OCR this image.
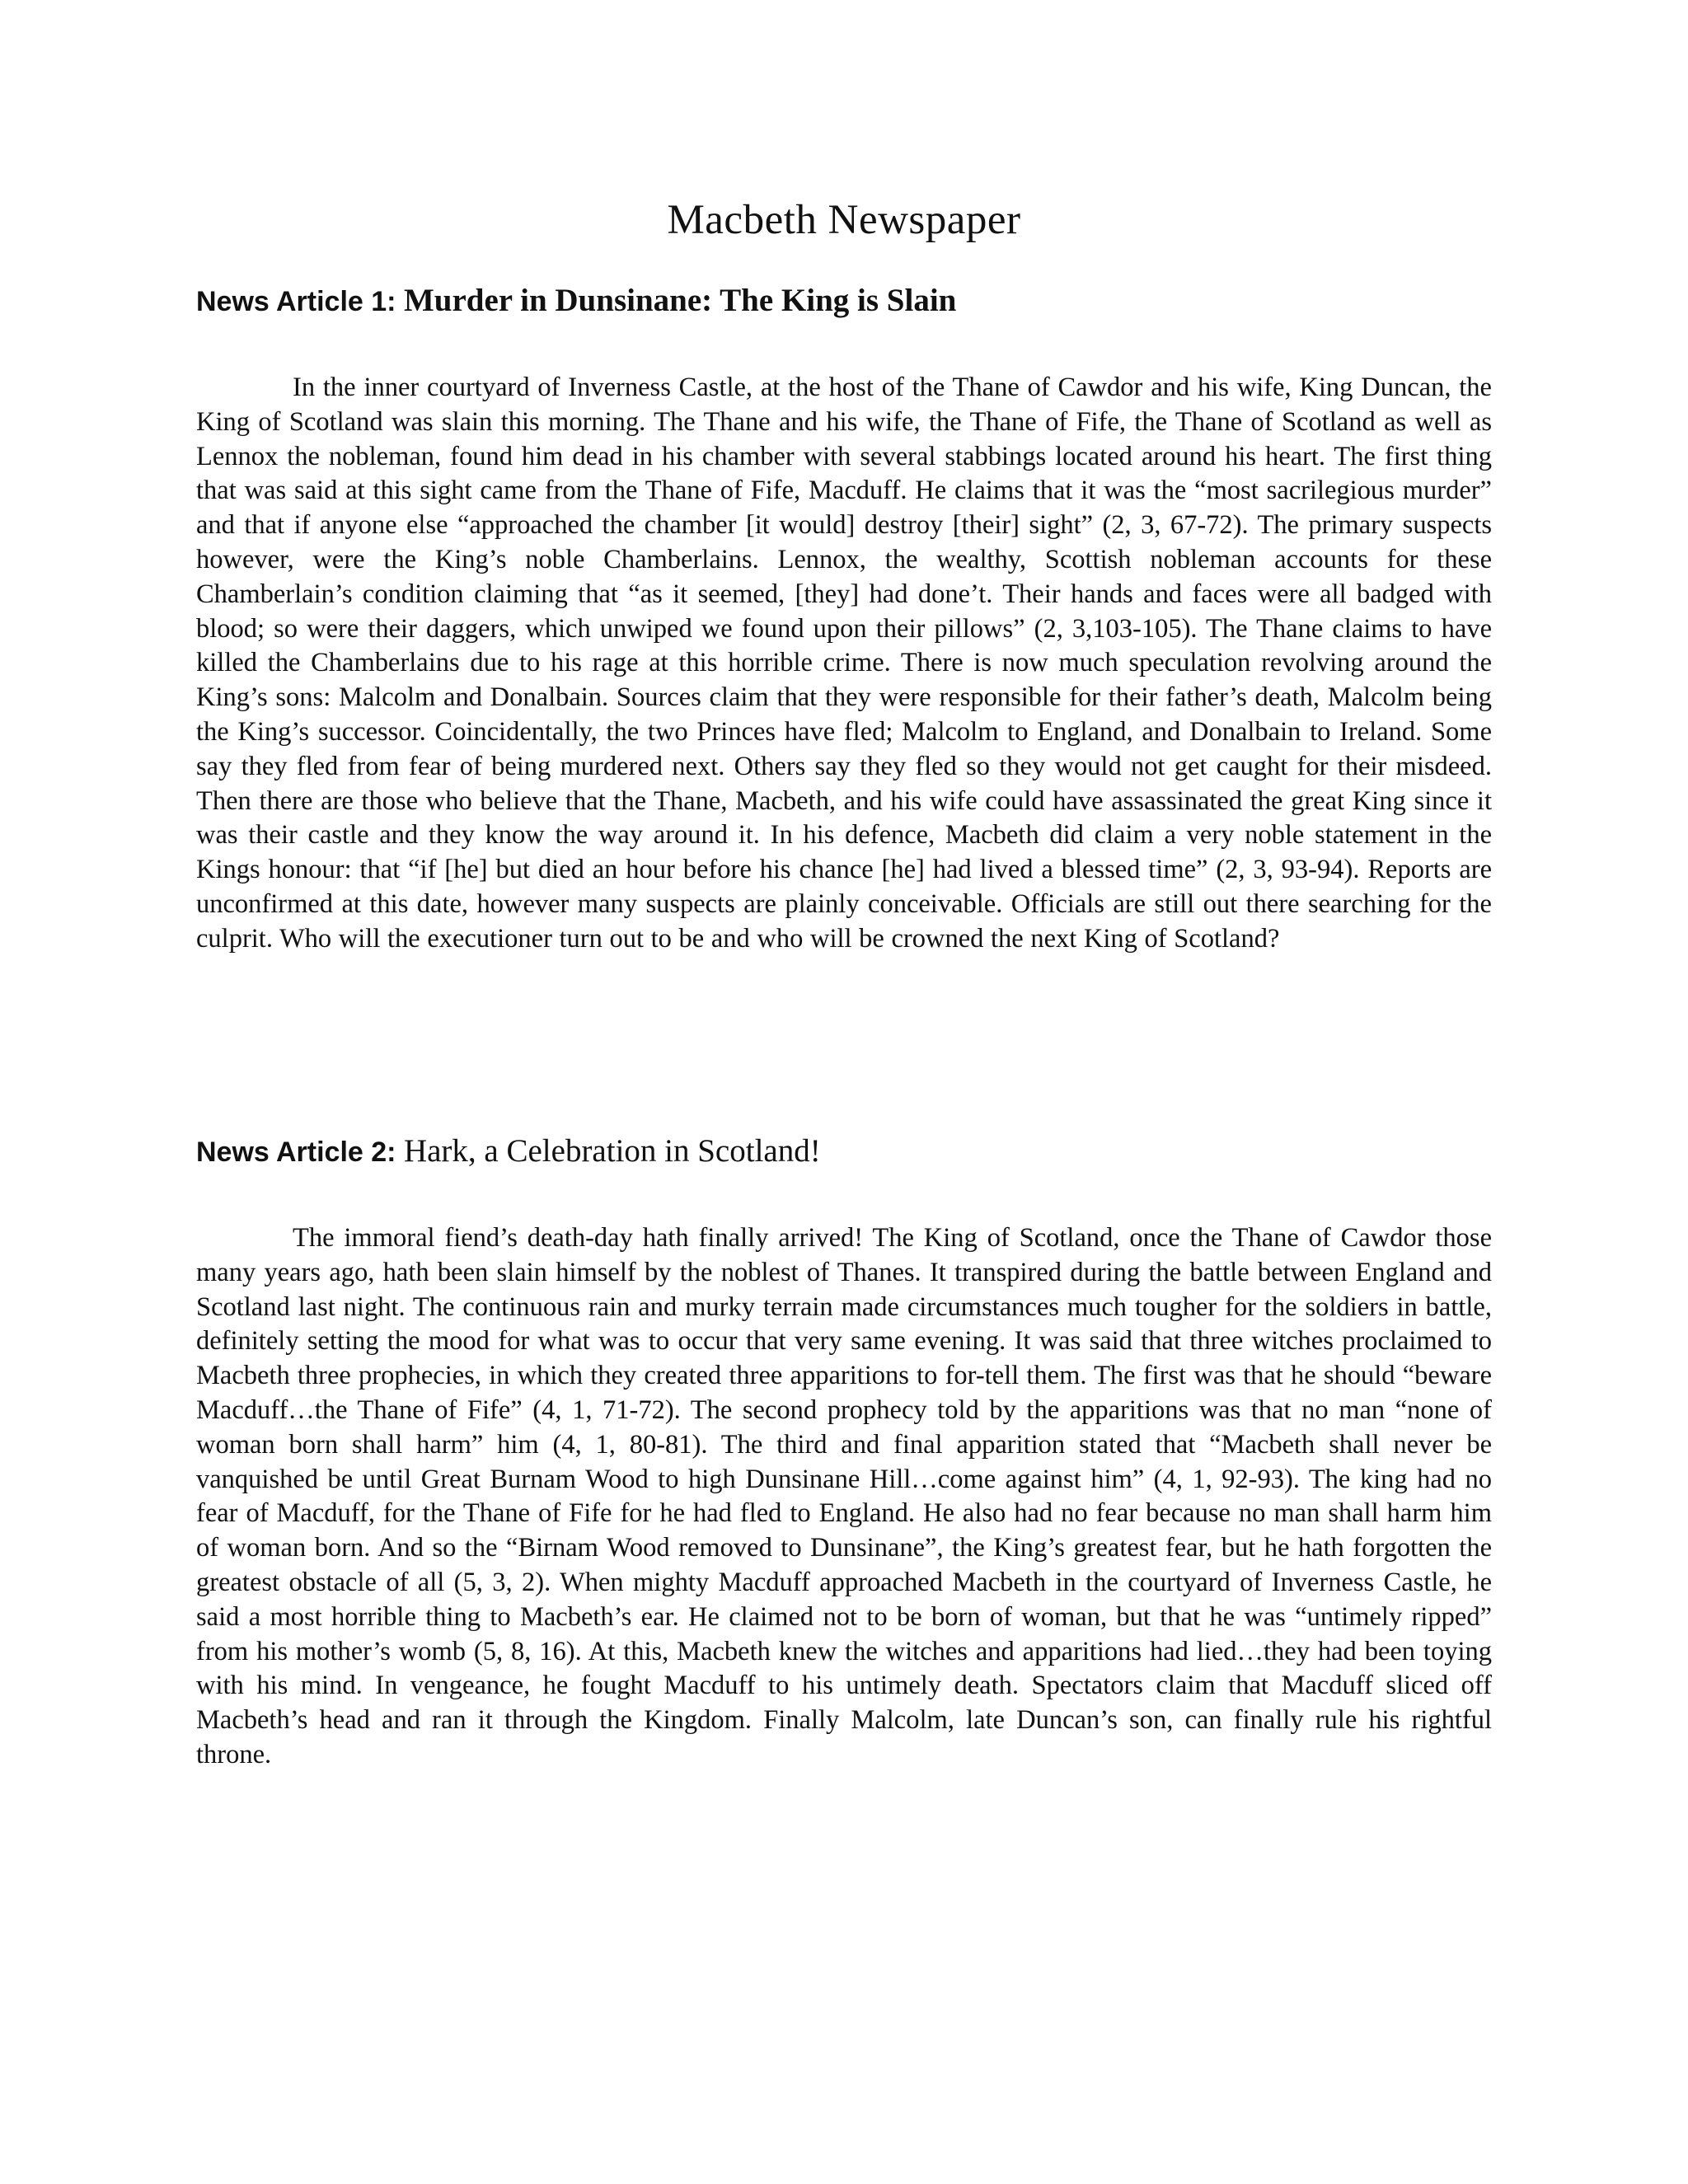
Macbeth Newspaper
News Article 1: Murder in Dunsinane: The King is Slain

In the inner courtyard of Inverness Castle, at the host of the Thane of Cawdor and his wife, King Duncan, the King of Scotland was slain this morning. The Thane and his wife, the Thane of Fife, the Thane of Scotland as well as Lennox the nobleman, found him dead in his chamber with several stabbings located around his heart. The first thing that was said at this sight came from the Thane of Fife, Macduff. He claims that it was the “most sacrilegious murder” and that if anyone else “approached the chamber [it would] destroy [their] sight” (2, 3, 67-72). The primary suspects however, were the King’s noble Chamberlains. Lennox, the wealthy, Scottish nobleman accounts for these Chamberlain’s condition claiming that “as it seemed, [they] had done’t. Their hands and faces were all badged with blood; so were their daggers, which unwiped we found upon their pillows” (2, 3,103-105). The Thane claims to have killed the Chamberlains due to his rage at this horrible crime. There is now much speculation revolving around the King’s sons: Malcolm and Donalbain. Sources claim that they were responsible for their father’s death, Malcolm being the King’s successor. Coincidentally, the two Princes have fled; Malcolm to England, and Donalbain to Ireland. Some say they fled from fear of being murdered next. Others say they fled so they would not get caught for their misdeed. Then there are those who believe that the Thane, Macbeth, and his wife could have assassinated the great King since it was their castle and they know the way around it. In his defence, Macbeth did claim a very noble statement in the Kings honour: that “if [he] but died an hour before his chance [he] had lived a blessed time” (2, 3, 93-94). Reports are unconfirmed at this date, however many suspects are plainly conceivable. Officials are still out there searching for the culprit. Who will the executioner turn out to be and who will be crowned the next King of Scotland?

News Article 2: Hark, a Celebration in Scotland!

The immoral fiend’s death-day hath finally arrived! The King of Scotland, once the Thane of Cawdor those many years ago, hath been slain himself by the noblest of Thanes. It transpired during the battle between England and Scotland last night. The continuous rain and murky terrain made circumstances much tougher for the soldiers in battle, definitely setting the mood for what was to occur that very same evening. It was said that three witches proclaimed to Macbeth three prophecies, in which they created three apparitions to for-tell them. The first was that he should “beware Macduff…the Thane of Fife” (4, 1, 71-72). The second prophecy told by the apparitions was that no man “none of woman born shall harm” him (4, 1, 80-81). The third and final apparition stated that “Macbeth shall never be vanquished be until Great Burnam Wood to high Dunsinane Hill…come against him” (4, 1, 92-93). The king had no fear of Macduff, for the Thane of Fife for he had fled to England. He also had no fear because no man shall harm him of woman born. And so the “Birnam Wood removed to Dunsinane”, the King’s greatest fear, but he hath forgotten the greatest obstacle of all (5, 3, 2). When mighty Macduff approached Macbeth in the courtyard of Inverness Castle, he said a most horrible thing to Macbeth’s ear. He claimed not to be born of woman, but that he was “untimely ripped” from his mother’s womb (5, 8, 16). At this, Macbeth knew the witches and apparitions had lied…they had been toying with his mind. In vengeance, he fought Macduff to his untimely death. Spectators claim that Macduff sliced off Macbeth’s head and ran it through the Kingdom. Finally Malcolm, late Duncan’s son, can finally rule his rightful throne.
